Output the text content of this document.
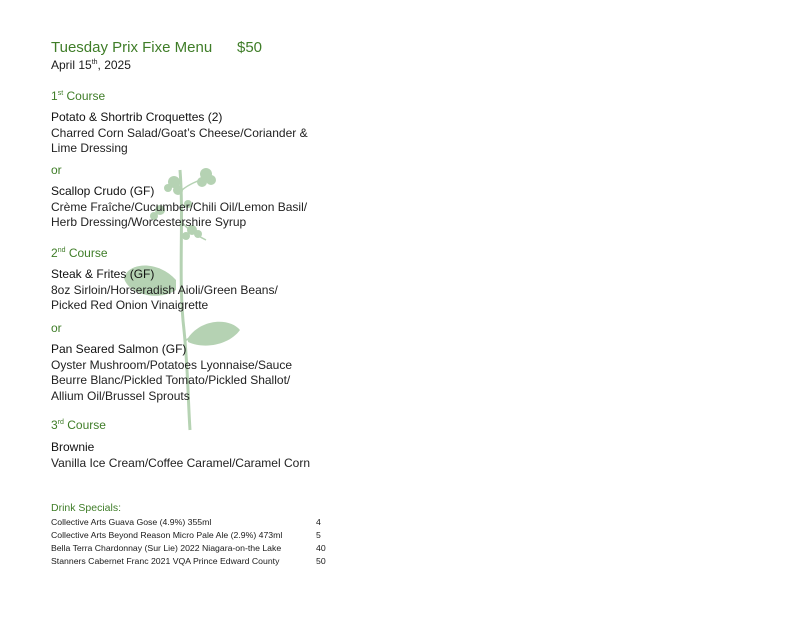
Tuesday Prix Fixe Menu $50
April 15th, 2025
1st Course
Potato & Shortrib Croquettes (2)
Charred Corn Salad/Goat’s Cheese/Coriander &
Lime Dressing
or
Scallop Crudo (GF)
Crème Fraîche/Cucumber/Chili Oil/Lemon Basil/
Herb Dressing/Worcestershire Syrup
2nd Course
Steak & Frites (GF)
8oz Sirloin/Horseradish Aioli/Green Beans/
Picked Red Onion Vinaigrette
or
Pan Seared Salmon (GF)
Oyster Mushroom/Potatoes Lyonnaise/Sauce
Beurre Blanc/Pickled Tomato/Pickled Shallot/
Allium Oil/Brussel Sprouts
3rd Course
Brownie
Vanilla Ice Cream/Coffee Caramel/Caramel Corn
Drink Specials:
Collective Arts Guava Gose (4.9%) 355ml	4
Collective Arts Beyond Reason Micro Pale Ale (2.9%) 473ml	5
Bella Terra Chardonnay (Sur Lie) 2022 Niagara-on-the Lake	40
Stanners Cabernet Franc 2021 VQA Prince Edward County	50
